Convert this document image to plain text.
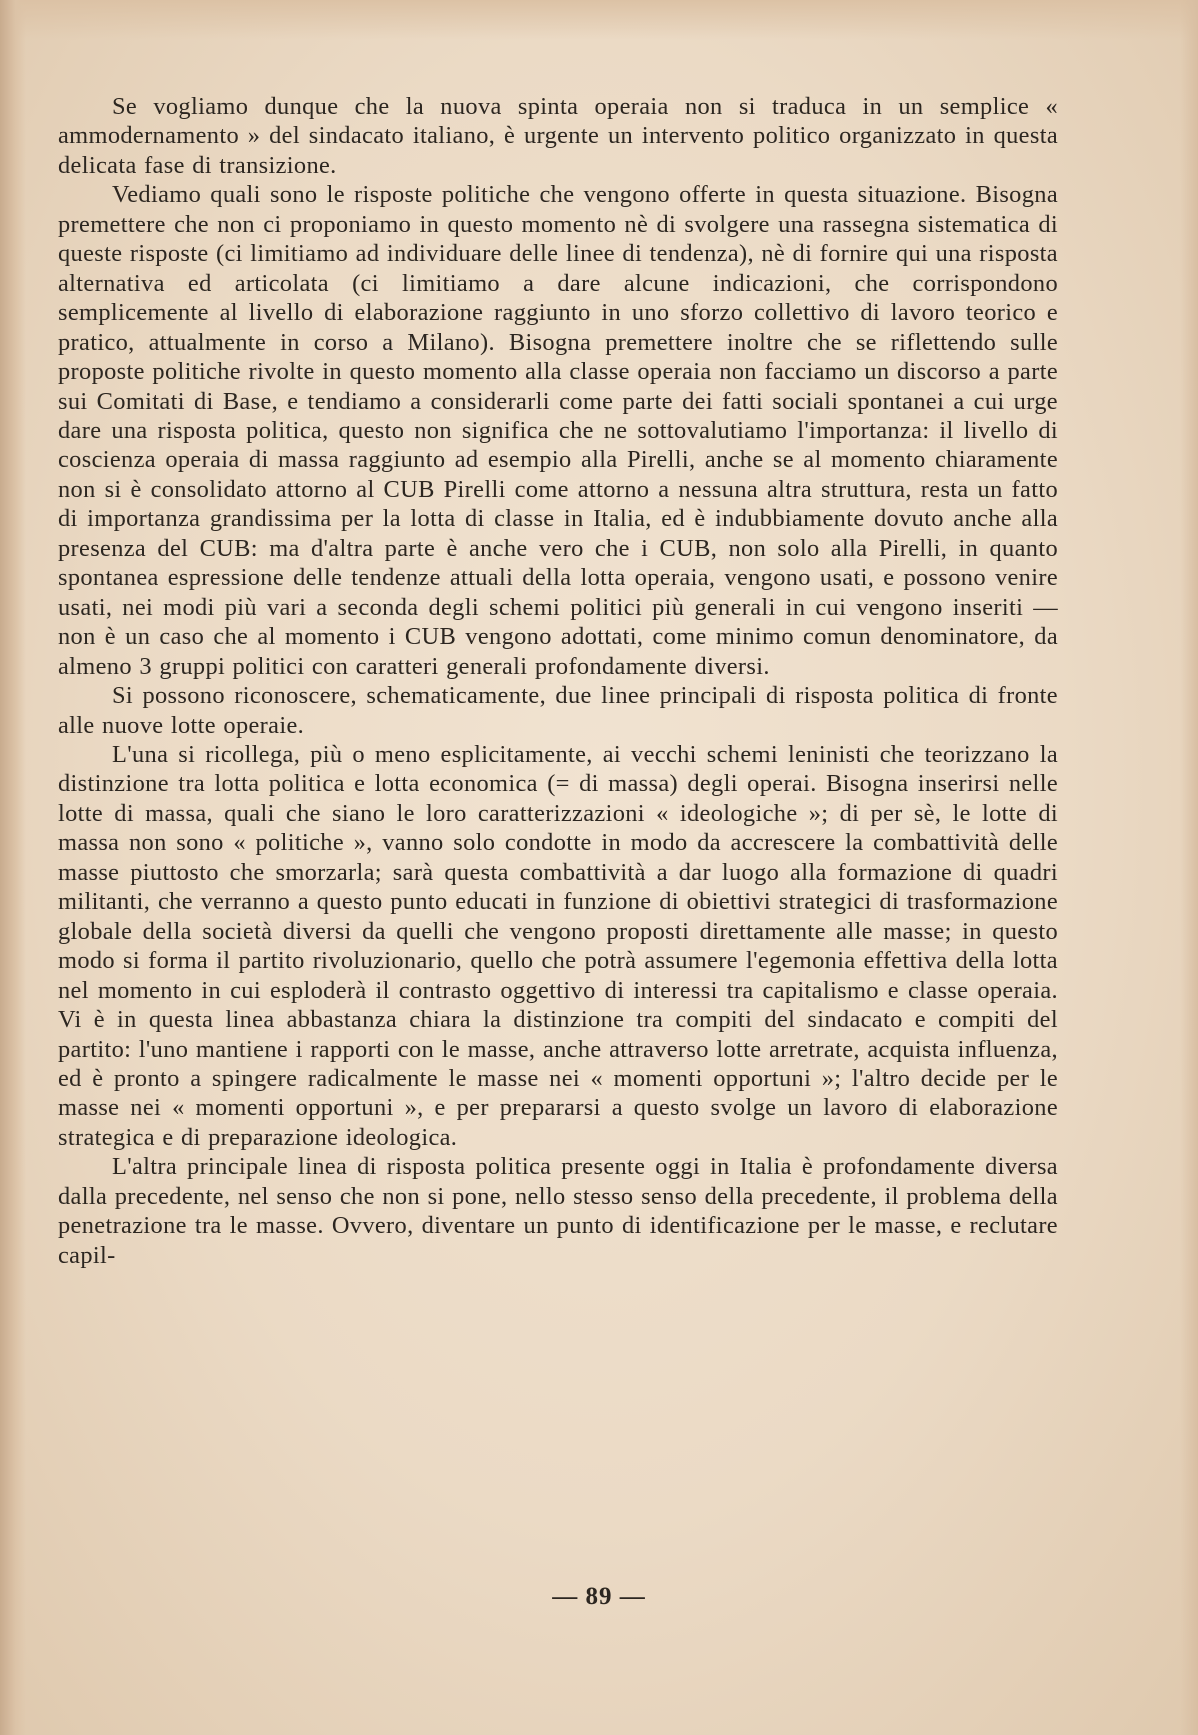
Se vogliamo dunque che la nuova spinta operaia non si traduca in un semplice « ammodernamento » del sindacato italiano, è urgente un intervento politico organizzato in questa delicata fase di transizione.

Vediamo quali sono le risposte politiche che vengono offerte in questa situazione. Bisogna premettere che non ci proponiamo in questo momento nè di svolgere una rassegna sistematica di queste risposte (ci limitiamo ad individuare delle linee di tendenza), nè di fornire qui una risposta alternativa ed articolata (ci limitiamo a dare alcune indicazioni, che corrispondono semplicemente al livello di elaborazione raggiunto in uno sforzo collettivo di lavoro teorico e pratico, attualmente in corso a Milano). Bisogna premettere inoltre che se riflettendo sulle proposte politiche rivolte in questo momento alla classe operaia non facciamo un discorso a parte sui Comitati di Base, e tendiamo a considerarli come parte dei fatti sociali spontanei a cui urge dare una risposta politica, questo non significa che ne sottovalutiamo l'importanza: il livello di coscienza operaia di massa raggiunto ad esempio alla Pirelli, anche se al momento chiaramente non si è consolidato attorno al CUB Pirelli come attorno a nessuna altra struttura, resta un fatto di importanza grandissima per la lotta di classe in Italia, ed è indubbiamente dovuto anche alla presenza del CUB: ma d'altra parte è anche vero che i CUB, non solo alla Pirelli, in quanto spontanea espressione delle tendenze attuali della lotta operaia, vengono usati, e possono venire usati, nei modi più vari a seconda degli schemi politici più generali in cui vengono inseriti — non è un caso che al momento i CUB vengono adottati, come minimo comun denominatore, da almeno 3 gruppi politici con caratteri generali profondamente diversi.

Si possono riconoscere, schematicamente, due linee principali di risposta politica di fronte alle nuove lotte operaie.

L'una si ricollega, più o meno esplicitamente, ai vecchi schemi leninisti che teorizzano la distinzione tra lotta politica e lotta economica (= di massa) degli operai. Bisogna inserirsi nelle lotte di massa, quali che siano le loro caratterizzazioni « ideologiche »; di per sè, le lotte di massa non sono « politiche », vanno solo condotte in modo da accrescere la combattività delle masse piuttosto che smorzarla; sarà questa combattività a dar luogo alla formazione di quadri militanti, che verranno a questo punto educati in funzione di obiettivi strategici di trasformazione globale della società diversi da quelli che vengono proposti direttamente alle masse; in questo modo si forma il partito rivoluzionario, quello che potrà assumere l'egemonia effettiva della lotta nel momento in cui esploderà il contrasto oggettivo di interessi tra capitalismo e classe operaia. Vi è in questa linea abbastanza chiara la distinzione tra compiti del sindacato e compiti del partito: l'uno mantiene i rapporti con le masse, anche attraverso lotte arretrate, acquista influenza, ed è pronto a spingere radicalmente le masse nei « momenti opportuni »; l'altro decide per le masse nei « momenti opportuni », e per prepararsi a questo svolge un lavoro di elaborazione strategica e di preparazione ideologica.

L'altra principale linea di risposta politica presente oggi in Italia è profondamente diversa dalla precedente, nel senso che non si pone, nello stesso senso della precedente, il problema della penetrazione tra le masse. Ovvero, diventare un punto di identificazione per le masse, e reclutare capil-

— 89 —
